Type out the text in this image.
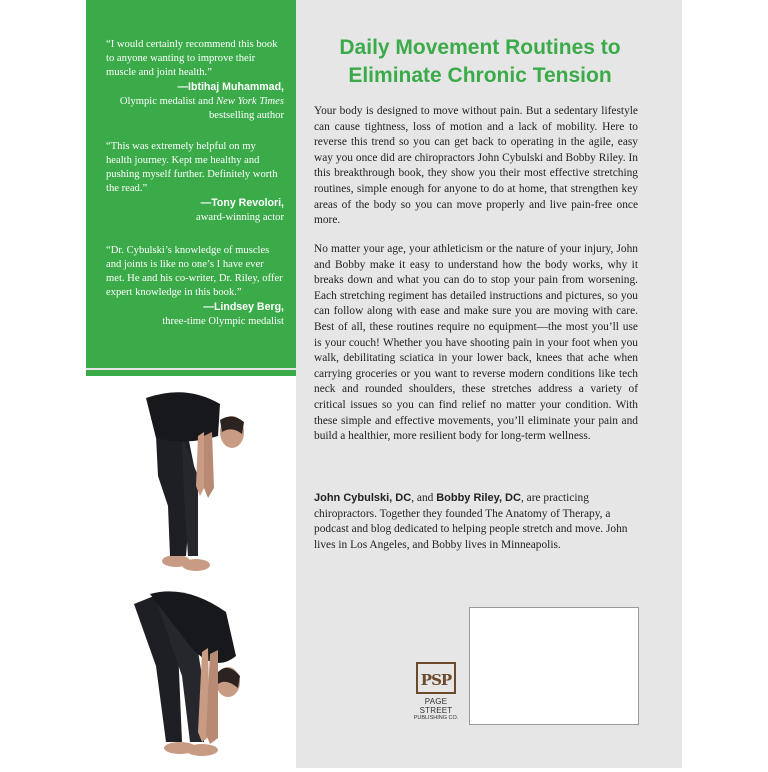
“I would certainly recommend this book to anyone wanting to improve their muscle and joint health.”

—Ibtihaj Muhammad,
Olympic medalist and New York Times
bestselling author

“This was extremely helpful on my health journey. Kept me healthy and pushing myself further. Definitely worth the read.”

—Tony Revolori,
award-winning actor

“Dr. Cybulski’s knowledge of muscles and joints is like no one’s I have ever met. He and his co-writer, Dr. Riley, offer expert knowledge in this book.”

—Lindsey Berg,
three-time Olympic medalist

Daily Movement Routines to Eliminate Chronic Tension

Your body is designed to move without pain. But a sedentary lifestyle can cause tightness, loss of motion and a lack of mobility. Here to reverse this trend so you can get back to operating in the agile, easy way you once did are chiropractors John Cybulski and Bobby Riley. In this breakthrough book, they show you their most effective stretching routines, simple enough for anyone to do at home, that strengthen key areas of the body so you can move properly and live pain-free once more.

No matter your age, your athleticism or the nature of your injury, John and Bobby make it easy to understand how the body works, why it breaks down and what you can do to stop your pain from worsening. Each stretching regiment has detailed instructions and pictures, so you can follow along with ease and make sure you are moving with care. Best of all, these routines require no equipment—the most you’ll use is your couch! Whether you have shooting pain in your foot when you walk, debilitating sciatica in your lower back, knees that ache when carrying groceries or you want to reverse modern conditions like tech neck and rounded shoulders, these stretches address a variety of critical issues so you can find relief no matter your condition. With these simple and effective movements, you’ll eliminate your pain and build a healthier, more resilient body for long-term wellness.

John Cybulski, DC, and Bobby Riley, DC, are practicing chiropractors. Together they founded The Anatomy of Therapy, a podcast and blog dedicated to helping people stretch and move. John lives in Los Angeles, and Bobby lives in Minneapolis.

PSP
PAGE STREET
PUBLISHING CO.
